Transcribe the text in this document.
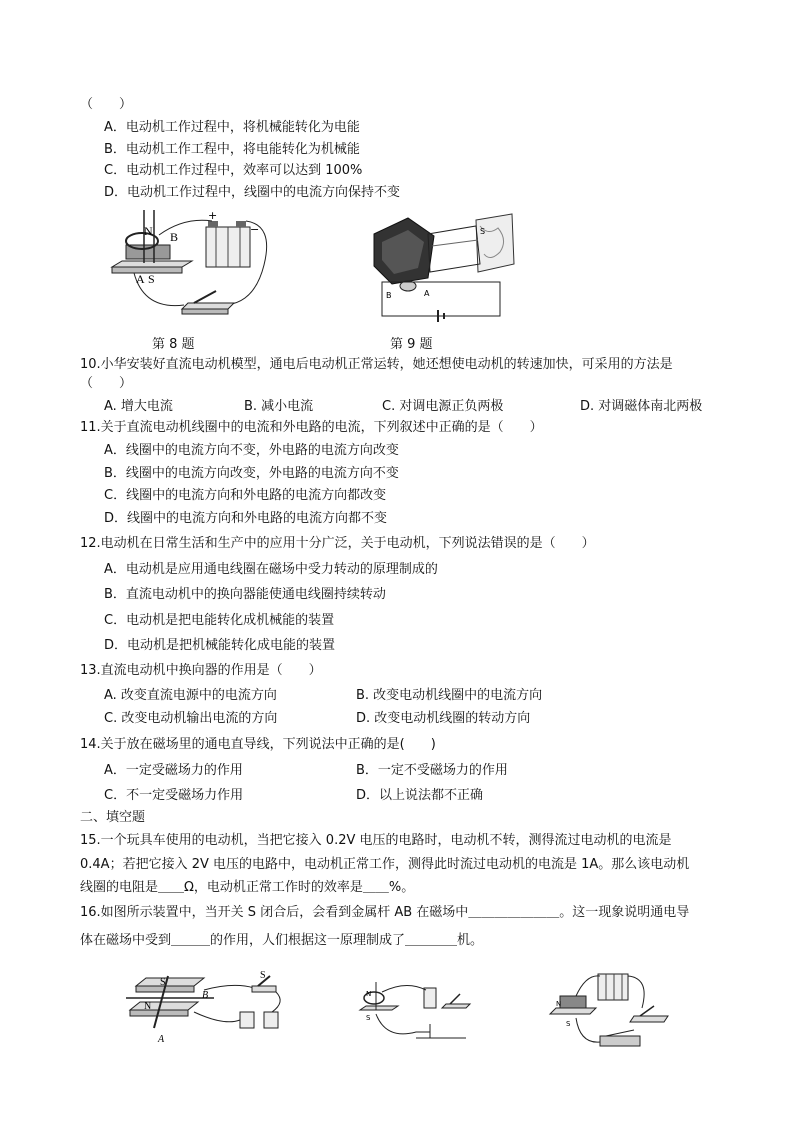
（　　）
A．电动机工作过程中，将机械能转化为电能
B．电动机工作工程中，将电能转化为机械能
C．电动机工作过程中，效率可以达到 100%
D．电动机工作过程中，线圈中的电流方向保持不变
N B
A S
+
−
第 8 题
S
B	A
第 9 题
10.小华安装好直流电动机模型，通电后电动机正常运转，她还想使电动机的转速加快，可采用的方法是
（　　）
A. 增大电流	B. 减小电流	C. 对调电源正负两极	D. 对调磁体南北两极
11.关于直流电动机线圈中的电流和外电路的电流，下列叙述中正确的是（　　）
A．线圈中的电流方向不变，外电路的电流方向改变
B．线圈中的电流方向改变，外电路的电流方向不变
C．线圈中的电流方向和外电路的电流方向都改变
D．线圈中的电流方向和外电路的电流方向都不变
12.电动机在日常生活和生产中的应用十分广泛，关于电动机，下列说法错误的是（　　）
A．电动机是应用通电线圈在磁场中受力转动的原理制成的
B．直流电动机中的换向器能使通电线圈持续转动
C．电动机是把电能转化成机械能的装置
D．电动机是把机械能转化成电能的装置
13.直流电动机中换向器的作用是（　　）
A. 改变直流电源中的电流方向	B. 改变电动机线圈中的电流方向
C. 改变电动机输出电流的方向	D. 改变电动机线圈的转动方向
14.关于放在磁场里的通电直导线，下列说法中正确的是(　　)
A．一定受磁场力的作用	B．一定不受磁场力的作用
C．不一定受磁场力作用	D．以上说法都不正确
二、填空题
15.一个玩具车使用的电动机，当把它接入 0.2V 电压的电路时，电动机不转，测得流过电动机的电流是
0.4A；若把它接入 2V 电压的电路中，电动机正常工作，测得此时流过电动机的电流是 1A。那么该电动机
线圈的电阻是＿＿Ω，电动机正常工作时的效率是＿＿%。
16.如图所示装置中，当开关 S 闭合后，会看到金属杆 AB 在磁场中＿＿＿＿＿＿＿。这一现象说明通电导
体在磁场中受到＿＿＿的作用，人们根据这一原理制成了＿＿＿＿机。
S
N
B
A
S
N
S
N
S
